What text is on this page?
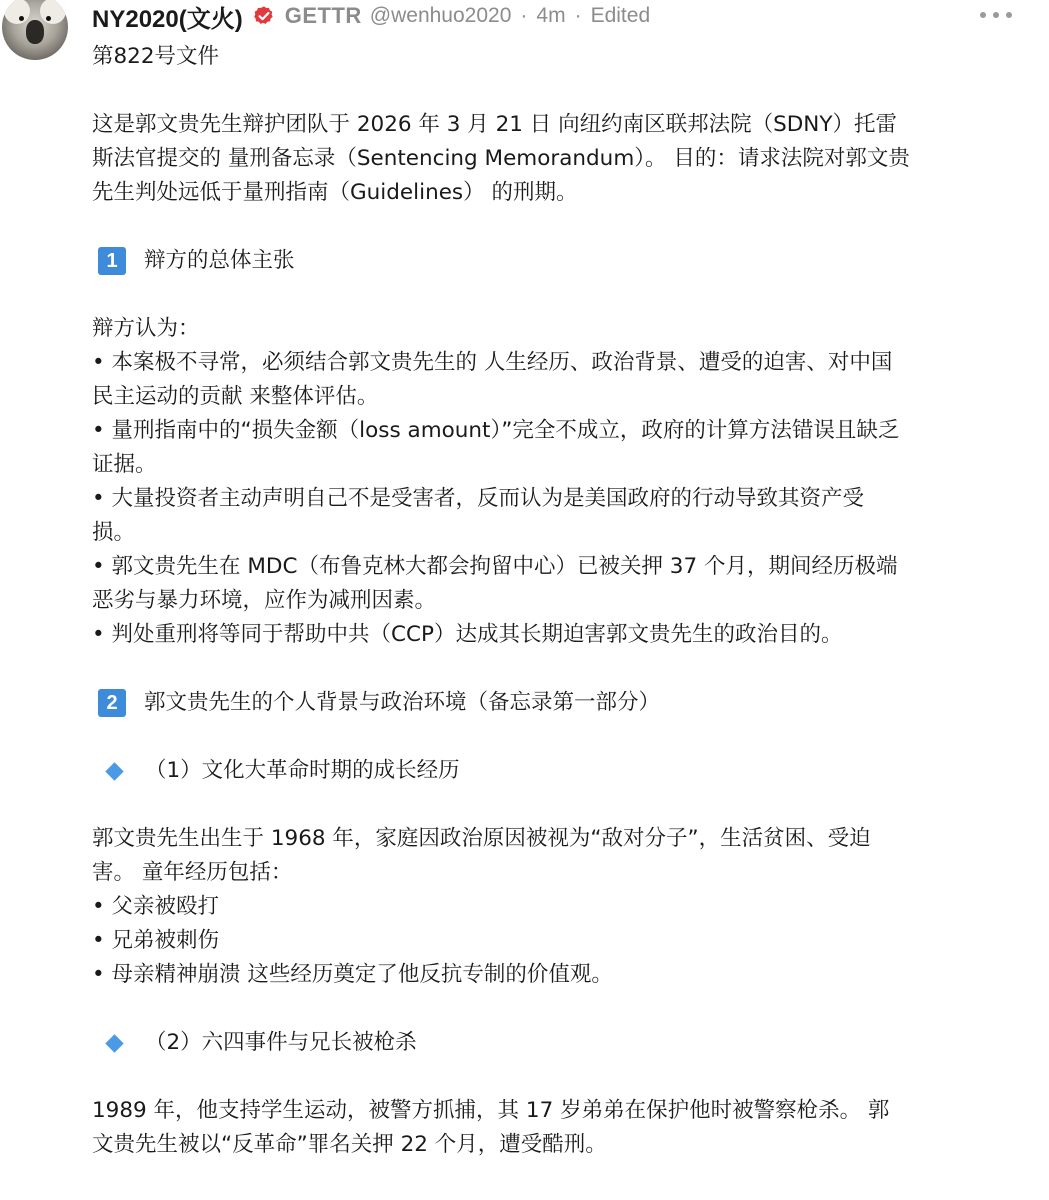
NY2020(文火) GETTR @wenhuo2020 · 4m · Edited
第822号文件
这是郭文贵先生辩护团队于 2026 年 3 月 21 日 向纽约南区联邦法院（SDNY）托雷
斯法官提交的 量刑备忘录（Sentencing Memorandum）。 目的：请求法院对郭文贵
先生判处远低于量刑指南（Guidelines） 的刑期。
1	辩方的总体主张
辩方认为：
• 本案极不寻常，必须结合郭文贵先生的 人生经历、政治背景、遭受的迫害、对中国
民主运动的贡献 来整体评估。
• 量刑指南中的“损失金额（loss amount）”完全不成立，政府的计算方法错误且缺乏
证据。
• 大量投资者主动声明自己不是受害者，反而认为是美国政府的行动导致其资产受
损。
• 郭文贵先生在 MDC（布鲁克林大都会拘留中心）已被关押 37 个月，期间经历极端
恶劣与暴力环境，应作为减刑因素。
• 判处重刑将等同于帮助中共（CCP）达成其长期迫害郭文贵先生的政治目的。
2	郭文贵先生的个人背景与政治环境（备忘录第一部分）
（1）文化大革命时期的成长经历
郭文贵先生出生于 1968 年，家庭因政治原因被视为“敌对分子”，生活贫困、受迫
害。 童年经历包括：
• 父亲被殴打
• 兄弟被刺伤
• 母亲精神崩溃 这些经历奠定了他反抗专制的价值观。
（2）六四事件与兄长被枪杀
1989 年，他支持学生运动，被警方抓捕，其 17 岁弟弟在保护他时被警察枪杀。 郭
文贵先生被以“反革命”罪名关押 22 个月，遭受酷刑。
